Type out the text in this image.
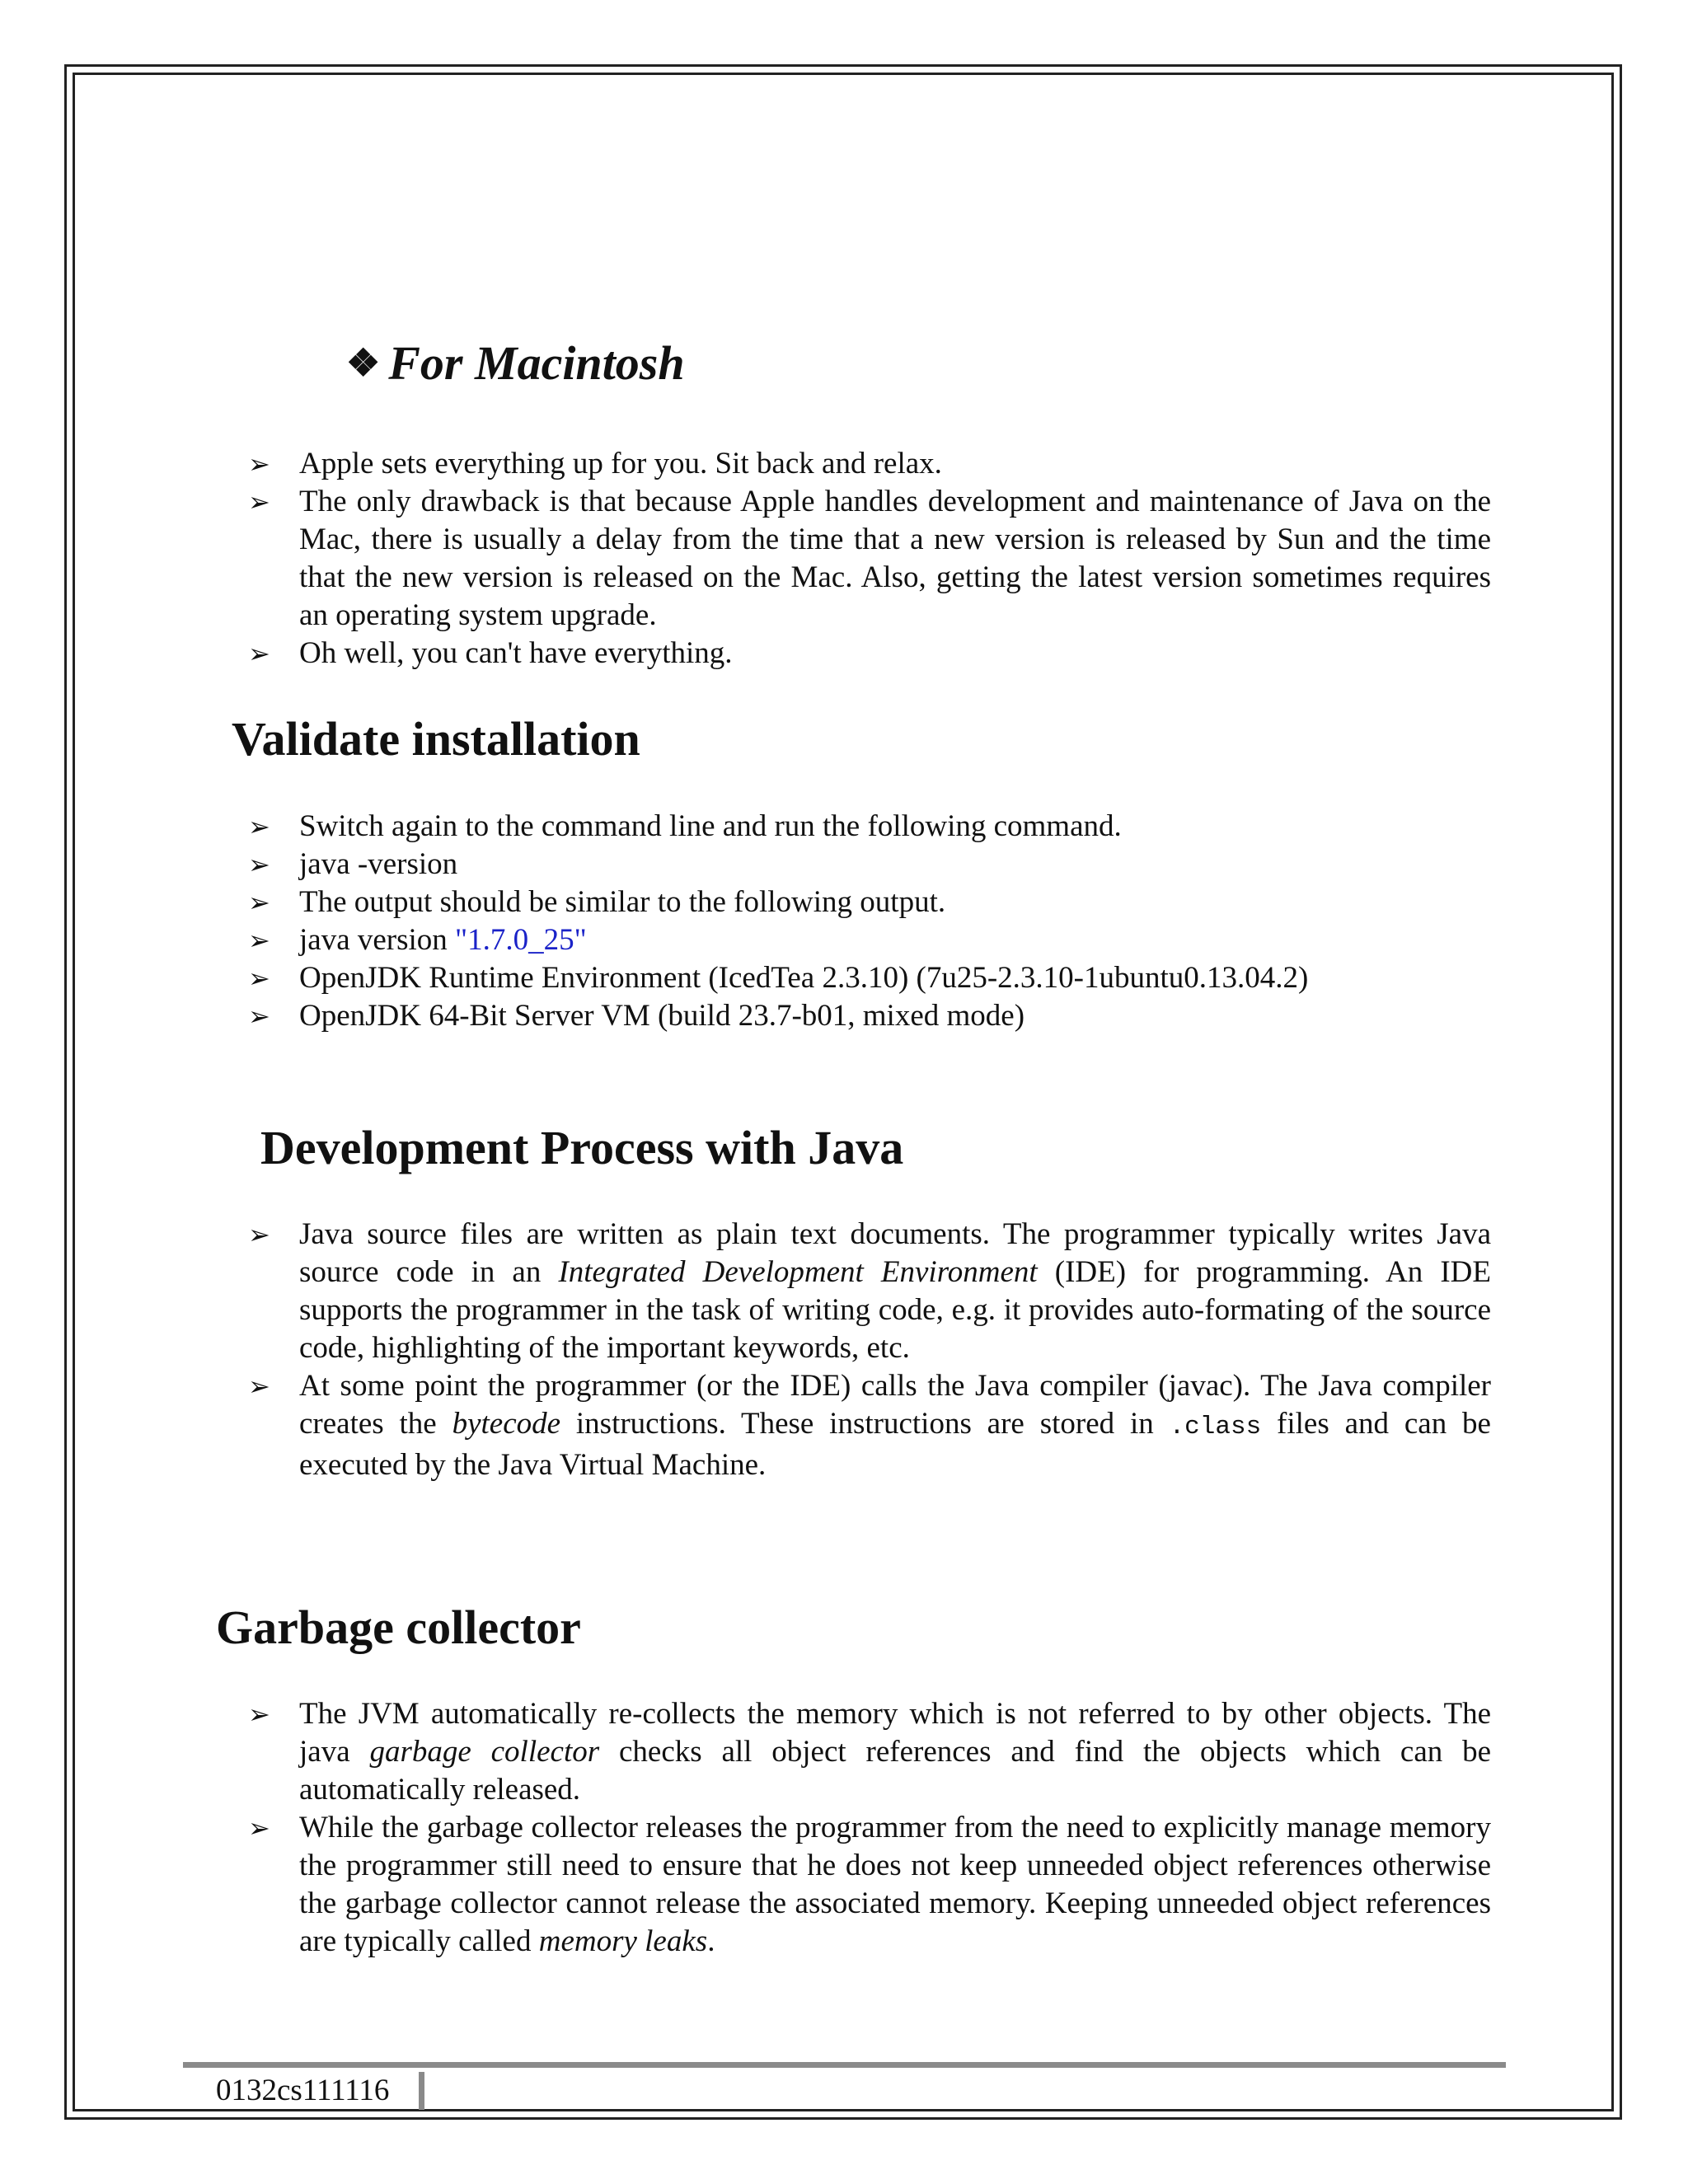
❖ For Macintosh
➢ Apple sets everything up for you. Sit back and relax.
➢ The only drawback is that because Apple handles development and maintenance of Java on the Mac, there is usually a delay from the time that a new version is released by Sun and the time that the new version is released on the Mac. Also, getting the latest version sometimes requires an operating system upgrade.
➢ Oh well, you can't have everything.
Validate installation
➢ Switch again to the command line and run the following command.
➢ java -version
➢ The output should be similar to the following output.
➢ java version "1.7.0_25"
➢ OpenJDK Runtime Environment (IcedTea 2.3.10) (7u25-2.3.10-1ubuntu0.13.04.2)
➢ OpenJDK 64-Bit Server VM (build 23.7-b01, mixed mode)
Development Process with Java
➢ Java source files are written as plain text documents. The programmer typically writes Java source code in an Integrated Development Environment (IDE) for programming. An IDE supports the programmer in the task of writing code, e.g. it provides auto-formating of the source code, highlighting of the important keywords, etc.
➢ At some point the programmer (or the IDE) calls the Java compiler (javac). The Java compiler creates the bytecode instructions. These instructions are stored in .class files and can be executed by the Java Virtual Machine.
Garbage collector
➢ The JVM automatically re-collects the memory which is not referred to by other objects. The java garbage collector checks all object references and find the objects which can be automatically released.
➢ While the garbage collector releases the programmer from the need to explicitly manage memory the programmer still need to ensure that he does not keep unneeded object references otherwise the garbage collector cannot release the associated memory. Keeping unneeded object references are typically called memory leaks.
0132cs111116
